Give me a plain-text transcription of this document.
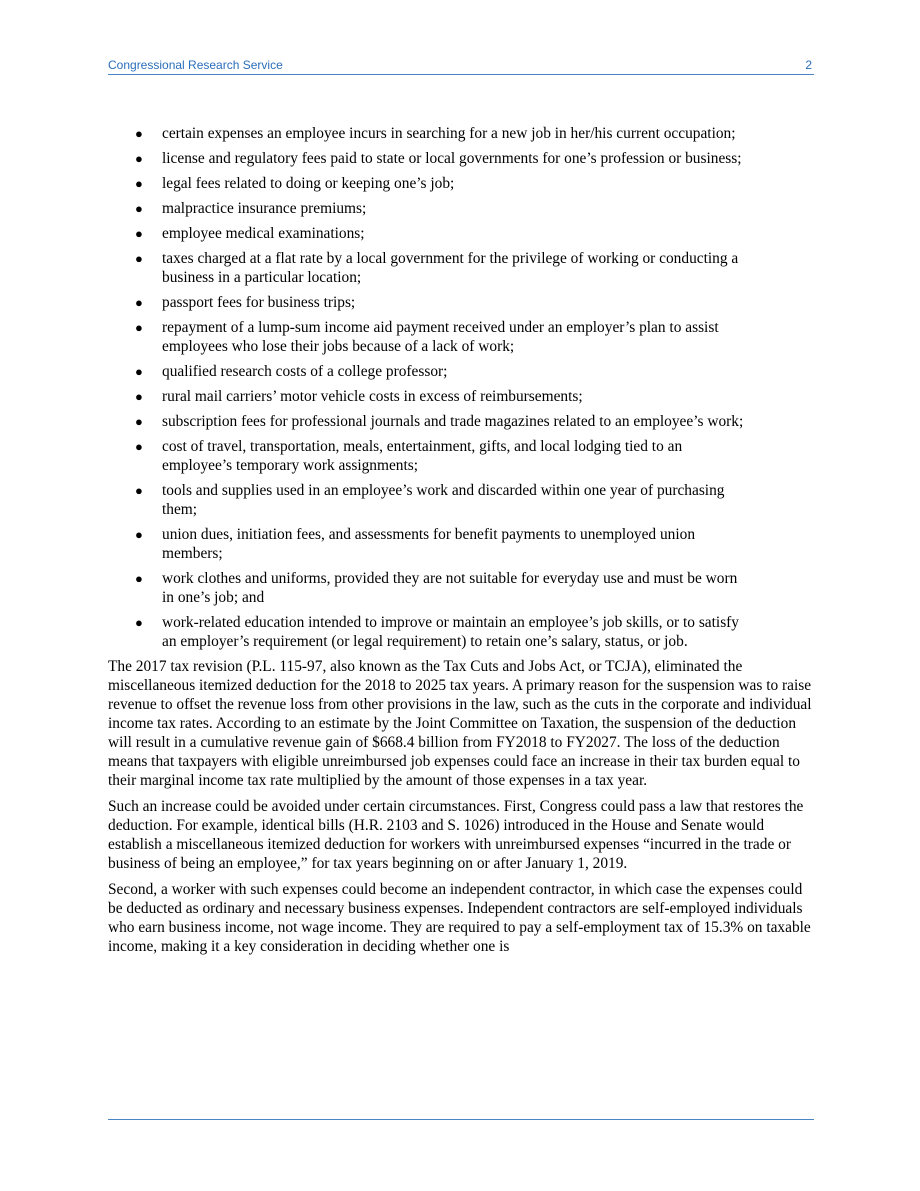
Congressional Research Service	2
● certain expenses an employee incurs in searching for a new job in her/his current occupation;
● license and regulatory fees paid to state or local governments for one’s profession or business;
● legal fees related to doing or keeping one’s job;
● malpractice insurance premiums;
● employee medical examinations;
● taxes charged at a flat rate by a local government for the privilege of working or conducting a business in a particular location;
● passport fees for business trips;
● repayment of a lump-sum income aid payment received under an employer’s plan to assist employees who lose their jobs because of a lack of work;
● qualified research costs of a college professor;
● rural mail carriers’ motor vehicle costs in excess of reimbursements;
● subscription fees for professional journals and trade magazines related to an employee’s work;
● cost of travel, transportation, meals, entertainment, gifts, and local lodging tied to an employee’s temporary work assignments;
● tools and supplies used in an employee’s work and discarded within one year of purchasing them;
● union dues, initiation fees, and assessments for benefit payments to unemployed union members;
● work clothes and uniforms, provided they are not suitable for everyday use and must be worn in one’s job; and
● work-related education intended to improve or maintain an employee’s job skills, or to satisfy an employer’s requirement (or legal requirement) to retain one’s salary, status, or job.

The 2017 tax revision (P.L. 115-97, also known as the Tax Cuts and Jobs Act, or TCJA), eliminated the miscellaneous itemized deduction for the 2018 to 2025 tax years. A primary reason for the suspension was to raise revenue to offset the revenue loss from other provisions in the law, such as the cuts in the corporate and individual income tax rates. According to an estimate by the Joint Committee on Taxation, the suspension of the deduction will result in a cumulative revenue gain of $668.4 billion from FY2018 to FY2027. The loss of the deduction means that taxpayers with eligible unreimbursed job expenses could face an increase in their tax burden equal to their marginal income tax rate multiplied by the amount of those expenses in a tax year.

Such an increase could be avoided under certain circumstances. First, Congress could pass a law that restores the deduction. For example, identical bills (H.R. 2103 and S. 1026) introduced in the House and Senate would establish a miscellaneous itemized deduction for workers with unreimbursed expenses “incurred in the trade or business of being an employee,” for tax years beginning on or after January 1, 2019.

Second, a worker with such expenses could become an independent contractor, in which case the expenses could be deducted as ordinary and necessary business expenses. Independent contractors are self-employed individuals who earn business income, not wage income. They are required to pay a self-employment tax of 15.3% on taxable income, making it a key consideration in deciding whether one is
